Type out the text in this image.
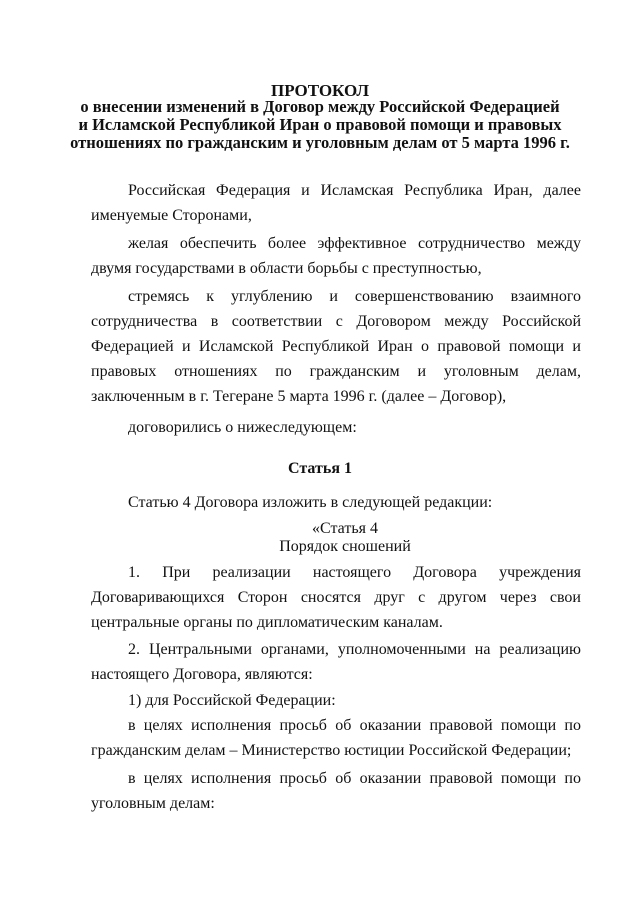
ПРОТОКОЛ
о внесении изменений в Договор между Российской Федерацией
и Исламской Республикой Иран о правовой помощи и правовых
отношениях по гражданским и уголовным делам от 5 марта 1996 г.
Российская Федерация и Исламская Республика Иран, далее именуемые Сторонами,
желая обеспечить более эффективное сотрудничество между двумя государствами в области борьбы с преступностью,
стремясь к углублению и совершенствованию взаимного сотрудничества в соответствии с Договором между Российской Федерацией и Исламской Республикой Иран о правовой помощи и правовых отношениях по гражданским и уголовным делам, заключенным в г. Тегеране 5 марта 1996 г. (далее – Договор),
договорились о нижеследующем:
Статья 1
Статью 4 Договора изложить в следующей редакции:
«Статья 4
Порядок сношений
1. При реализации настоящего Договора учреждения Договаривающихся Сторон сносятся друг с другом через свои центральные органы по дипломатическим каналам.
2. Центральными органами, уполномоченными на реализацию настоящего Договора, являются:
1) для Российской Федерации:
в целях исполнения просьб об оказании правовой помощи по гражданским делам – Министерство юстиции Российской Федерации;
в целях исполнения просьб об оказании правовой помощи по уголовным делам:
